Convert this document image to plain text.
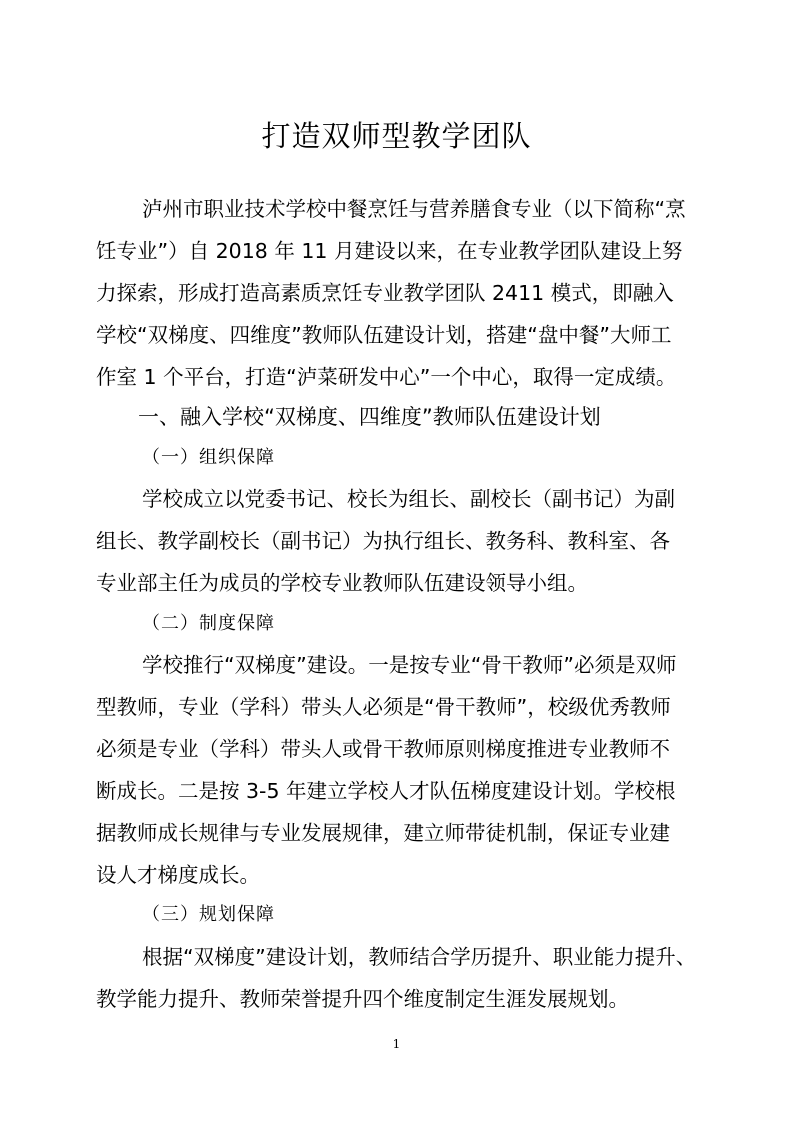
打造双师型教学团队
泸州市职业技术学校中餐烹饪与营养膳食专业（以下简称“烹
饪专业”）自 2018 年 11 月建设以来，在专业教学团队建设上努
力探索，形成打造高素质烹饪专业教学团队 2411 模式，即融入
学校“双梯度、四维度”教师队伍建设计划，搭建“盘中餐”大师工
作室 1 个平台，打造“泸菜研发中心”一个中心，取得一定成绩。
一、融入学校“双梯度、四维度”教师队伍建设计划
（一）组织保障
学校成立以党委书记、校长为组长、副校长（副书记）为副
组长、教学副校长（副书记）为执行组长、教务科、教科室、各
专业部主任为成员的学校专业教师队伍建设领导小组。
（二）制度保障
学校推行“双梯度”建设。一是按专业“骨干教师”必须是双师
型教师，专业（学科）带头人必须是“骨干教师”，校级优秀教师
必须是专业（学科）带头人或骨干教师原则梯度推进专业教师不
断成长。二是按 3-5 年建立学校人才队伍梯度建设计划。学校根
据教师成长规律与专业发展规律，建立师带徒机制，保证专业建
设人才梯度成长。
（三）规划保障
根据“双梯度”建设计划，教师结合学历提升、职业能力提升、
教学能力提升、教师荣誉提升四个维度制定生涯发展规划。
1
